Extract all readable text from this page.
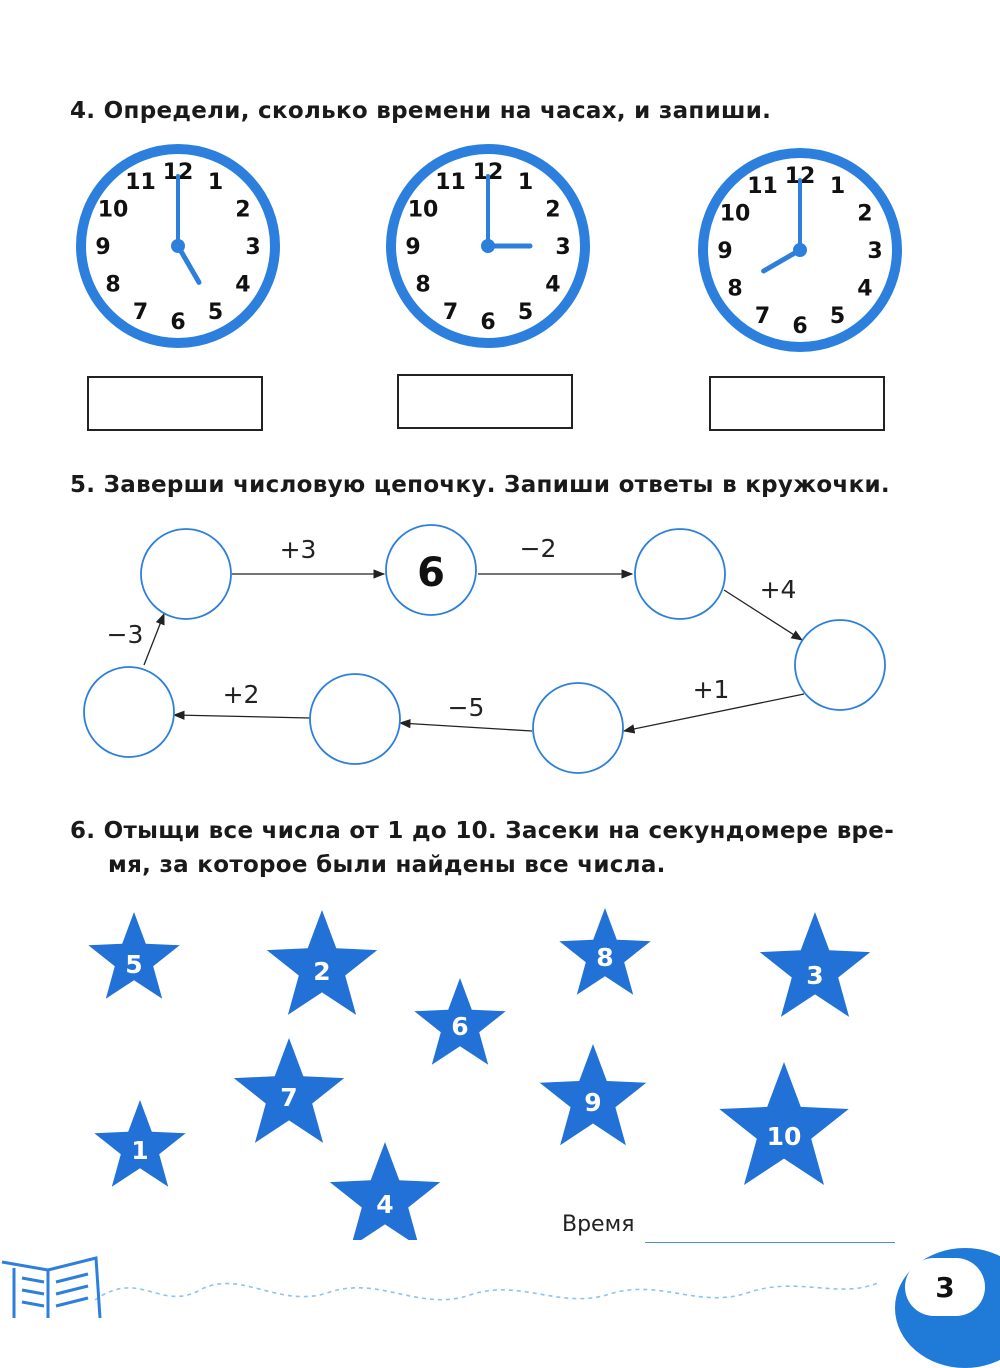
4. Определи, сколько времени на часах, и запиши.
12 1
2
3
4
5
6
7
8
9
10
11	12 1
2
3
4
5
6
7
8
9
10
11	12 1
2
3
4
5
6
7
8
9
10
11
5. Заверши числовую цепочку. Запиши ответы в кружочки.
6
+3	−2
+4
+1
−5
+2
−3
6. Отыщи все числа от 1 до 10. Засеки на секундомере вре-
мя, за которое были найдены все числа.
5	2	8
3
6
7	9
10
1
4
Время
3
